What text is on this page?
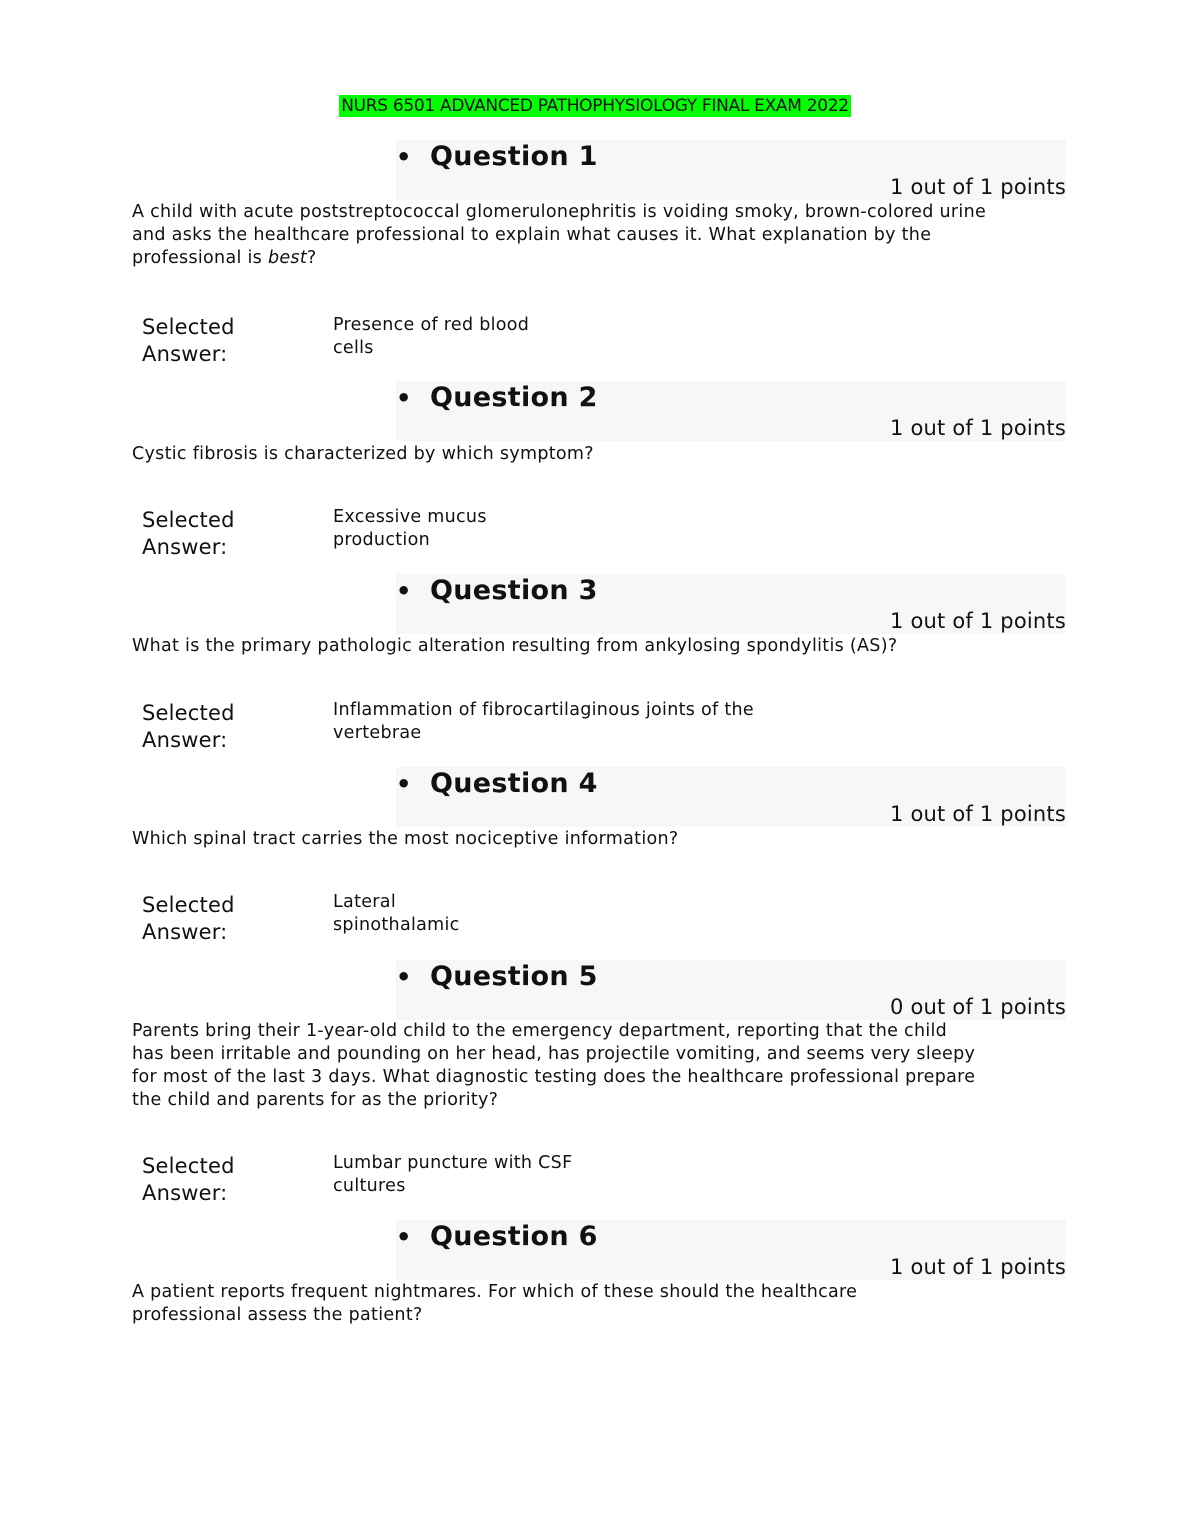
NURS 6501 ADVANCED PATHOPHYSIOLOGY FINAL EXAM 2022
• Question 1
1 out of 1 points
A child with acute poststreptococcal glomerulonephritis is voiding smoky, brown-colored urine and asks the healthcare professional to explain what causes it. What explanation by the professional is best?
Selected
Answer:
Presence of red blood
cells
• Question 2
1 out of 1 points
Cystic fibrosis is characterized by which symptom?
Selected
Answer:
Excessive mucus
production
• Question 3
1 out of 1 points
What is the primary pathologic alteration resulting from ankylosing spondylitis (AS)?
Selected
Answer:
Inflammation of fibrocartilaginous joints of the
vertebrae
• Question 4
1 out of 1 points
Which spinal tract carries the most nociceptive information?
Selected
Answer:
Lateral
spinothalamic
• Question 5
0 out of 1 points
Parents bring their 1-year-old child to the emergency department, reporting that the child has been irritable and pounding on her head, has projectile vomiting, and seems very sleepy for most of the last 3 days. What diagnostic testing does the healthcare professional prepare the child and parents for as the priority?
Selected
Answer:
Lumbar puncture with CSF
cultures
• Question 6
1 out of 1 points
A patient reports frequent nightmares. For which of these should the healthcare professional assess the patient?
